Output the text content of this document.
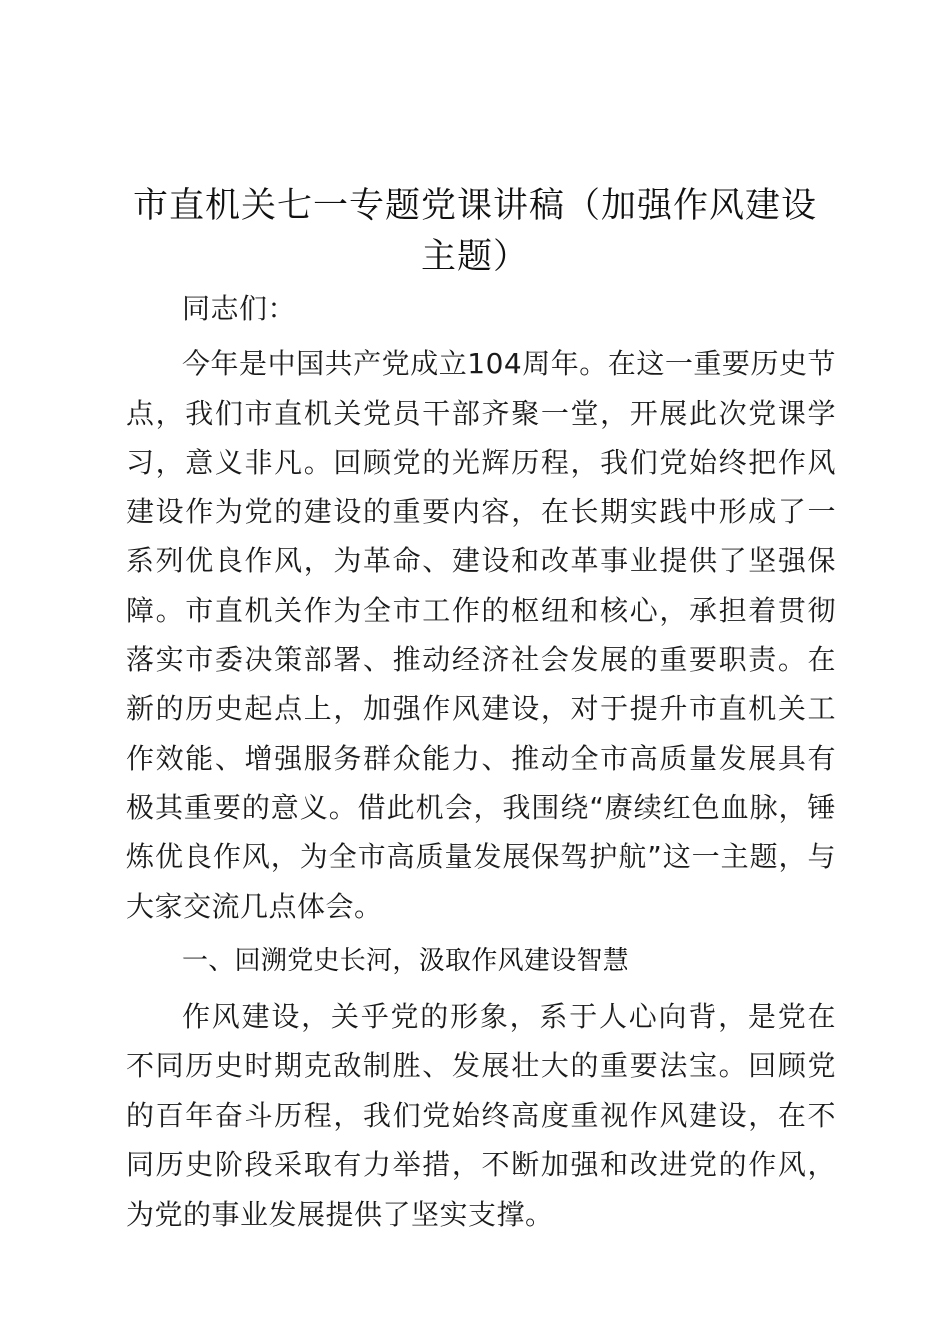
市直机关七一专题党课讲稿（加强作风建设主题）

同志们：

今年是中国共产党成立104周年。在这一重要历史节点，我们市直机关党员干部齐聚一堂，开展此次党课学习，意义非凡。回顾党的光辉历程，我们党始终把作风建设作为党的建设的重要内容，在长期实践中形成了一系列优良作风，为革命、建设和改革事业提供了坚强保障。市直机关作为全市工作的枢纽和核心，承担着贯彻落实市委决策部署、推动经济社会发展的重要职责。在新的历史起点上，加强作风建设，对于提升市直机关工作效能、增强服务群众能力、推动全市高质量发展具有极其重要的意义。借此机会，我围绕“赓续红色血脉，锤炼优良作风，为全市高质量发展保驾护航”这一主题，与大家交流几点体会。

一、回溯党史长河，汲取作风建设智慧

作风建设，关乎党的形象，系于人心向背，是党在不同历史时期克敌制胜、发展壮大的重要法宝。回顾党的百年奋斗历程，我们党始终高度重视作风建设，在不同历史阶段采取有力举措，不断加强和改进党的作风，为党的事业发展提供了坚实支撑。
